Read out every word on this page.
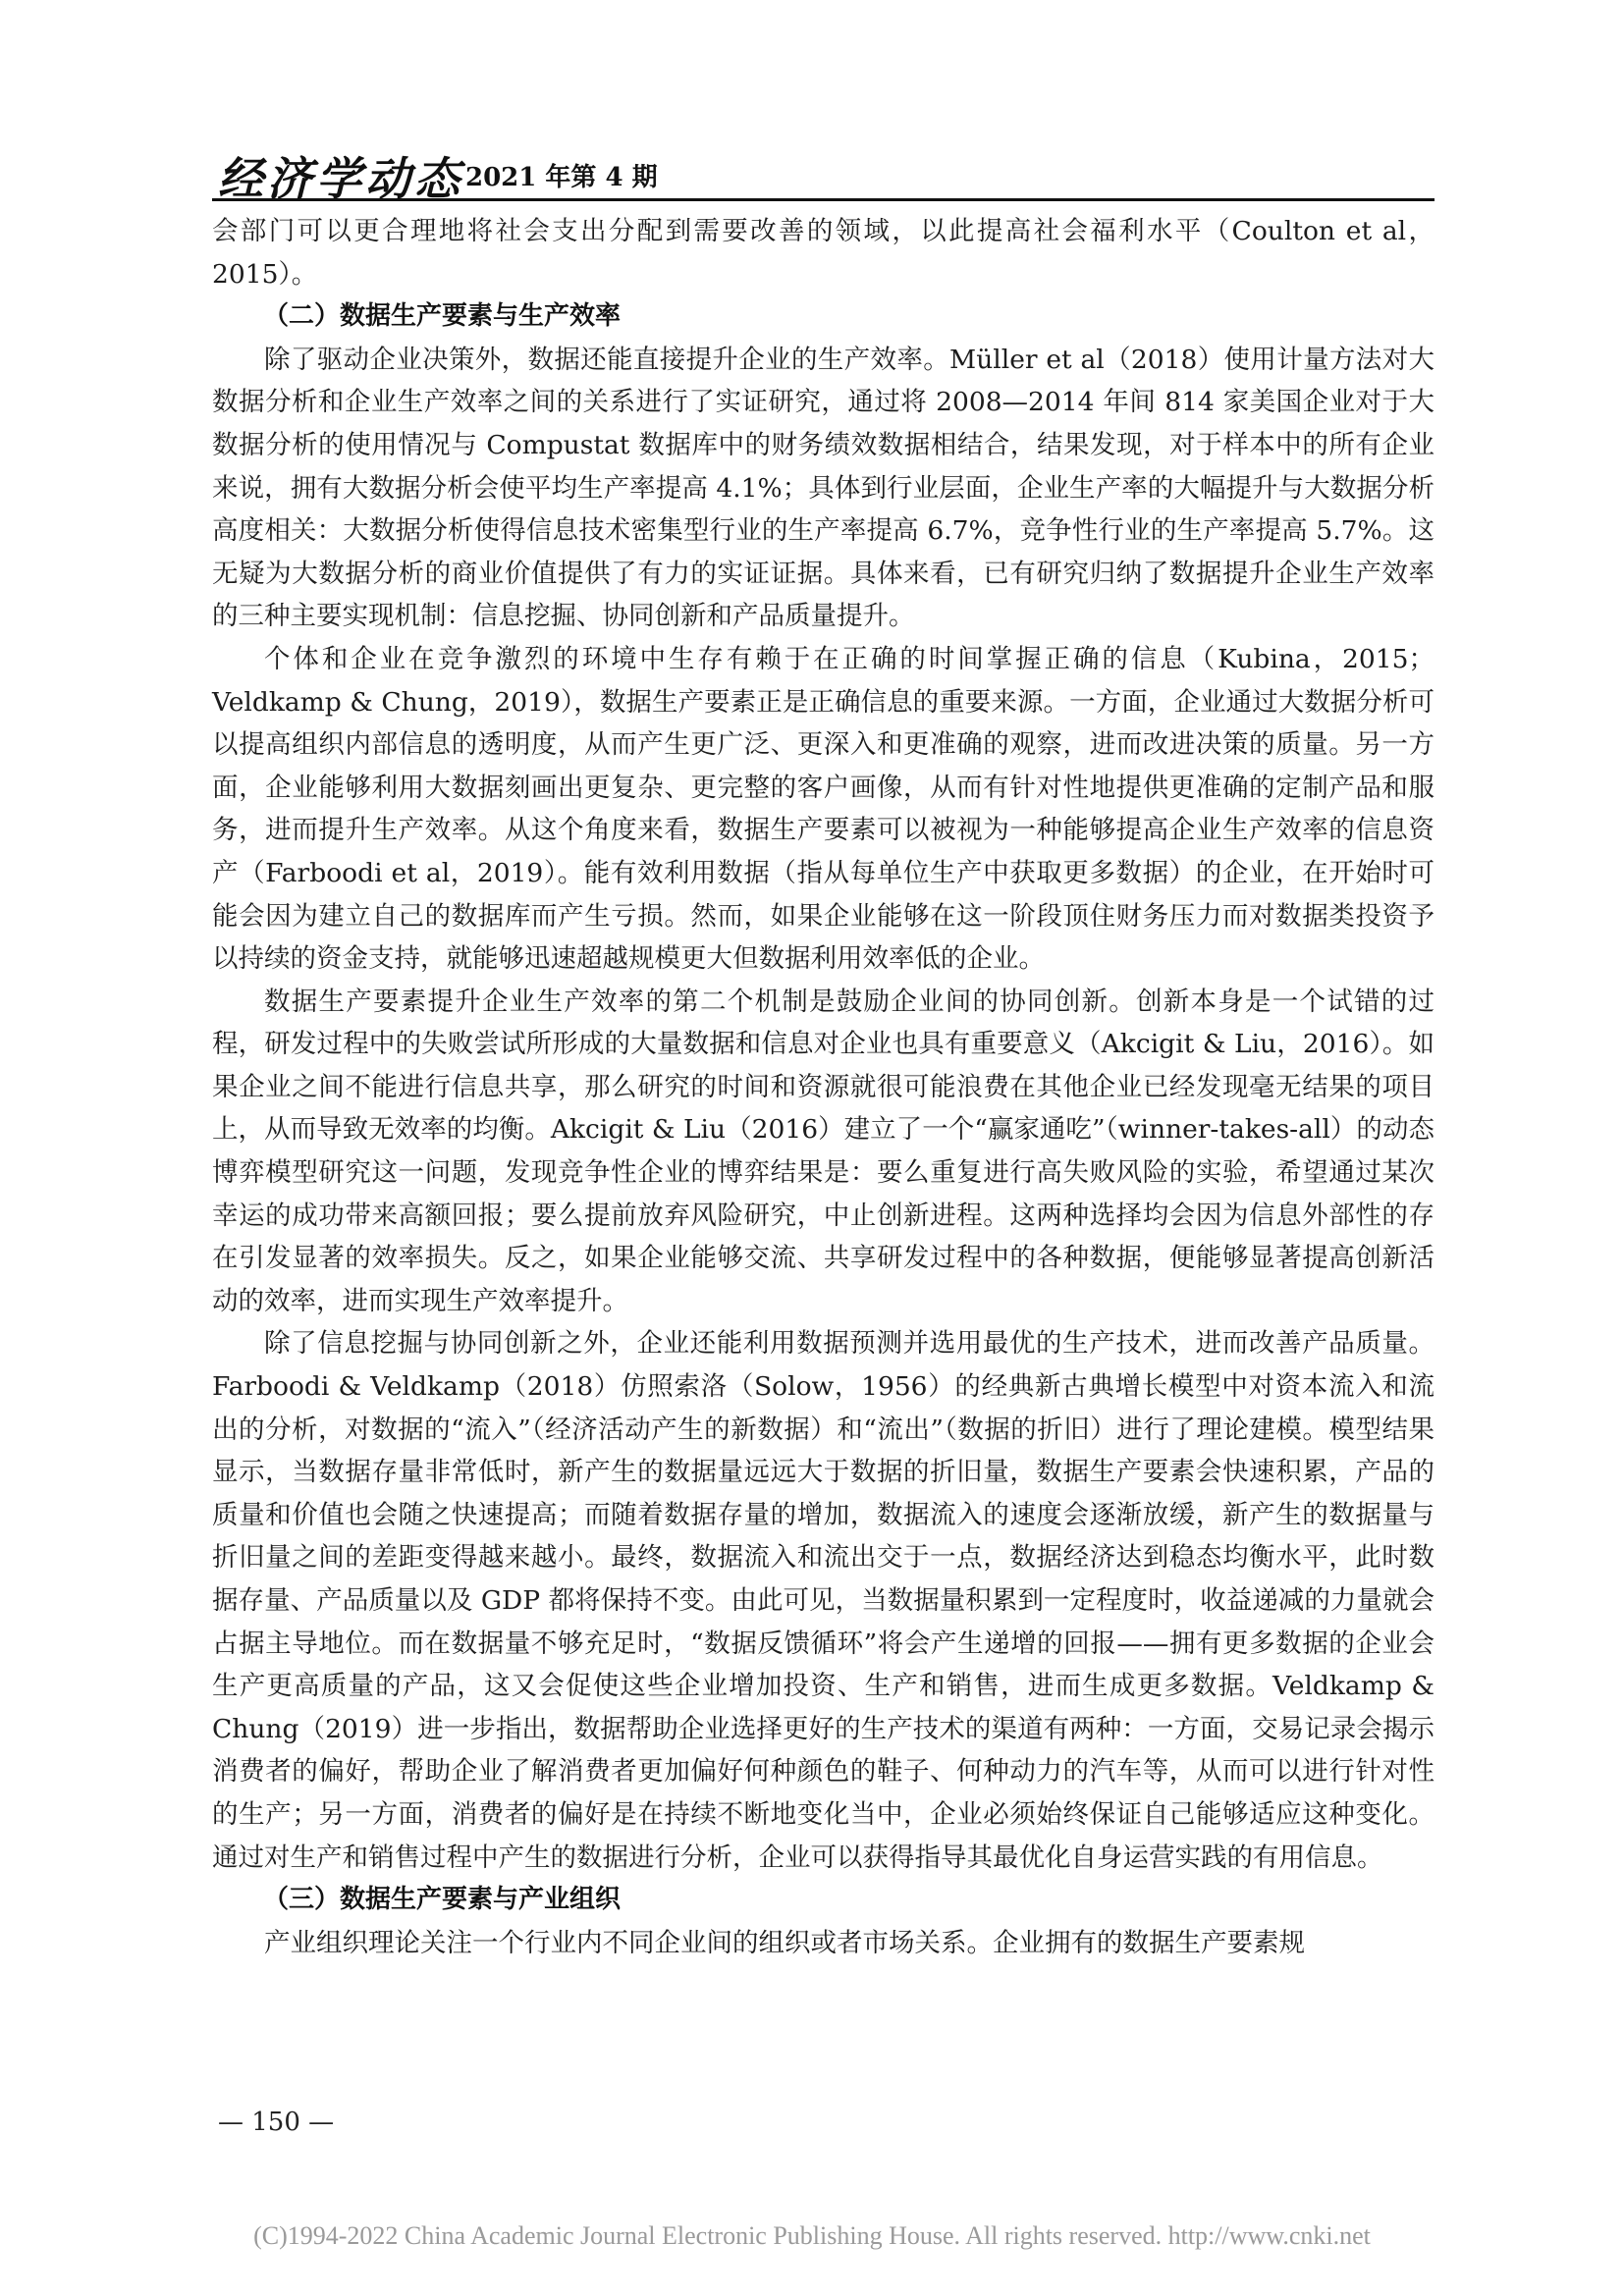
经济学动态 2021 年第 4 期

会部门可以更合理地将社会支出分配到需要改善的领域，以此提高社会福利水平（Coulton et al，2015）。

（二）数据生产要素与生产效率

除了驱动企业决策外，数据还能直接提升企业的生产效率。Müller et al（2018）使用计量方法对大数据分析和企业生产效率之间的关系进行了实证研究，通过将 2008—2014 年间 814 家美国企业对于大数据分析的使用情况与 Compustat 数据库中的财务绩效数据相结合，结果发现，对于样本中的所有企业来说，拥有大数据分析会使平均生产率提高 4.1%；具体到行业层面，企业生产率的大幅提升与大数据分析高度相关：大数据分析使得信息技术密集型行业的生产率提高 6.7%，竞争性行业的生产率提高 5.7%。这无疑为大数据分析的商业价值提供了有力的实证证据。具体来看，已有研究归纳了数据提升企业生产效率的三种主要实现机制：信息挖掘、协同创新和产品质量提升。

个体和企业在竞争激烈的环境中生存有赖于在正确的时间掌握正确的信息（Kubina，2015；Veldkamp & Chung，2019），数据生产要素正是正确信息的重要来源。一方面，企业通过大数据分析可以提高组织内部信息的透明度，从而产生更广泛、更深入和更准确的观察，进而改进决策的质量。另一方面，企业能够利用大数据刻画出更复杂、更完整的客户画像，从而有针对性地提供更准确的定制产品和服务，进而提升生产效率。从这个角度来看，数据生产要素可以被视为一种能够提高企业生产效率的信息资产（Farboodi et al，2019）。能有效利用数据（指从每单位生产中获取更多数据）的企业，在开始时可能会因为建立自己的数据库而产生亏损。然而，如果企业能够在这一阶段顶住财务压力而对数据类投资予以持续的资金支持，就能够迅速超越规模更大但数据利用效率低的企业。

数据生产要素提升企业生产效率的第二个机制是鼓励企业间的协同创新。创新本身是一个试错的过程，研发过程中的失败尝试所形成的大量数据和信息对企业也具有重要意义（Akcigit & Liu，2016）。如果企业之间不能进行信息共享，那么研究的时间和资源就很可能浪费在其他企业已经发现毫无结果的项目上，从而导致无效率的均衡。Akcigit & Liu（2016）建立了一个“赢家通吃”（winner-takes-all）的动态博弈模型研究这一问题，发现竞争性企业的博弈结果是：要么重复进行高失败风险的实验，希望通过某次幸运的成功带来高额回报；要么提前放弃风险研究，中止创新进程。这两种选择均会因为信息外部性的存在引发显著的效率损失。反之，如果企业能够交流、共享研发过程中的各种数据，便能够显著提高创新活动的效率，进而实现生产效率提升。

除了信息挖掘与协同创新之外，企业还能利用数据预测并选用最优的生产技术，进而改善产品质量。Farboodi & Veldkamp（2018）仿照索洛（Solow，1956）的经典新古典增长模型中对资本流入和流出的分析，对数据的“流入”（经济活动产生的新数据）和“流出”（数据的折旧）进行了理论建模。模型结果显示，当数据存量非常低时，新产生的数据量远远大于数据的折旧量，数据生产要素会快速积累，产品的质量和价值也会随之快速提高；而随着数据存量的增加，数据流入的速度会逐渐放缓，新产生的数据量与折旧量之间的差距变得越来越小。最终，数据流入和流出交于一点，数据经济达到稳态均衡水平，此时数据存量、产品质量以及 GDP 都将保持不变。由此可见，当数据量积累到一定程度时，收益递减的力量就会占据主导地位。而在数据量不够充足时，“数据反馈循环”将会产生递增的回报——拥有更多数据的企业会生产更高质量的产品，这又会促使这些企业增加投资、生产和销售，进而生成更多数据。Veldkamp & Chung（2019）进一步指出，数据帮助企业选择更好的生产技术的渠道有两种：一方面，交易记录会揭示消费者的偏好，帮助企业了解消费者更加偏好何种颜色的鞋子、何种动力的汽车等，从而可以进行针对性的生产；另一方面，消费者的偏好是在持续不断地变化当中，企业必须始终保证自己能够适应这种变化。通过对生产和销售过程中产生的数据进行分析，企业可以获得指导其最优化自身运营实践的有用信息。

（三）数据生产要素与产业组织

产业组织理论关注一个行业内不同企业间的组织或者市场关系。企业拥有的数据生产要素规

— 150 —
(C)1994-2022 China Academic Journal Electronic Publishing House. All rights reserved. http://www.cnki.net
